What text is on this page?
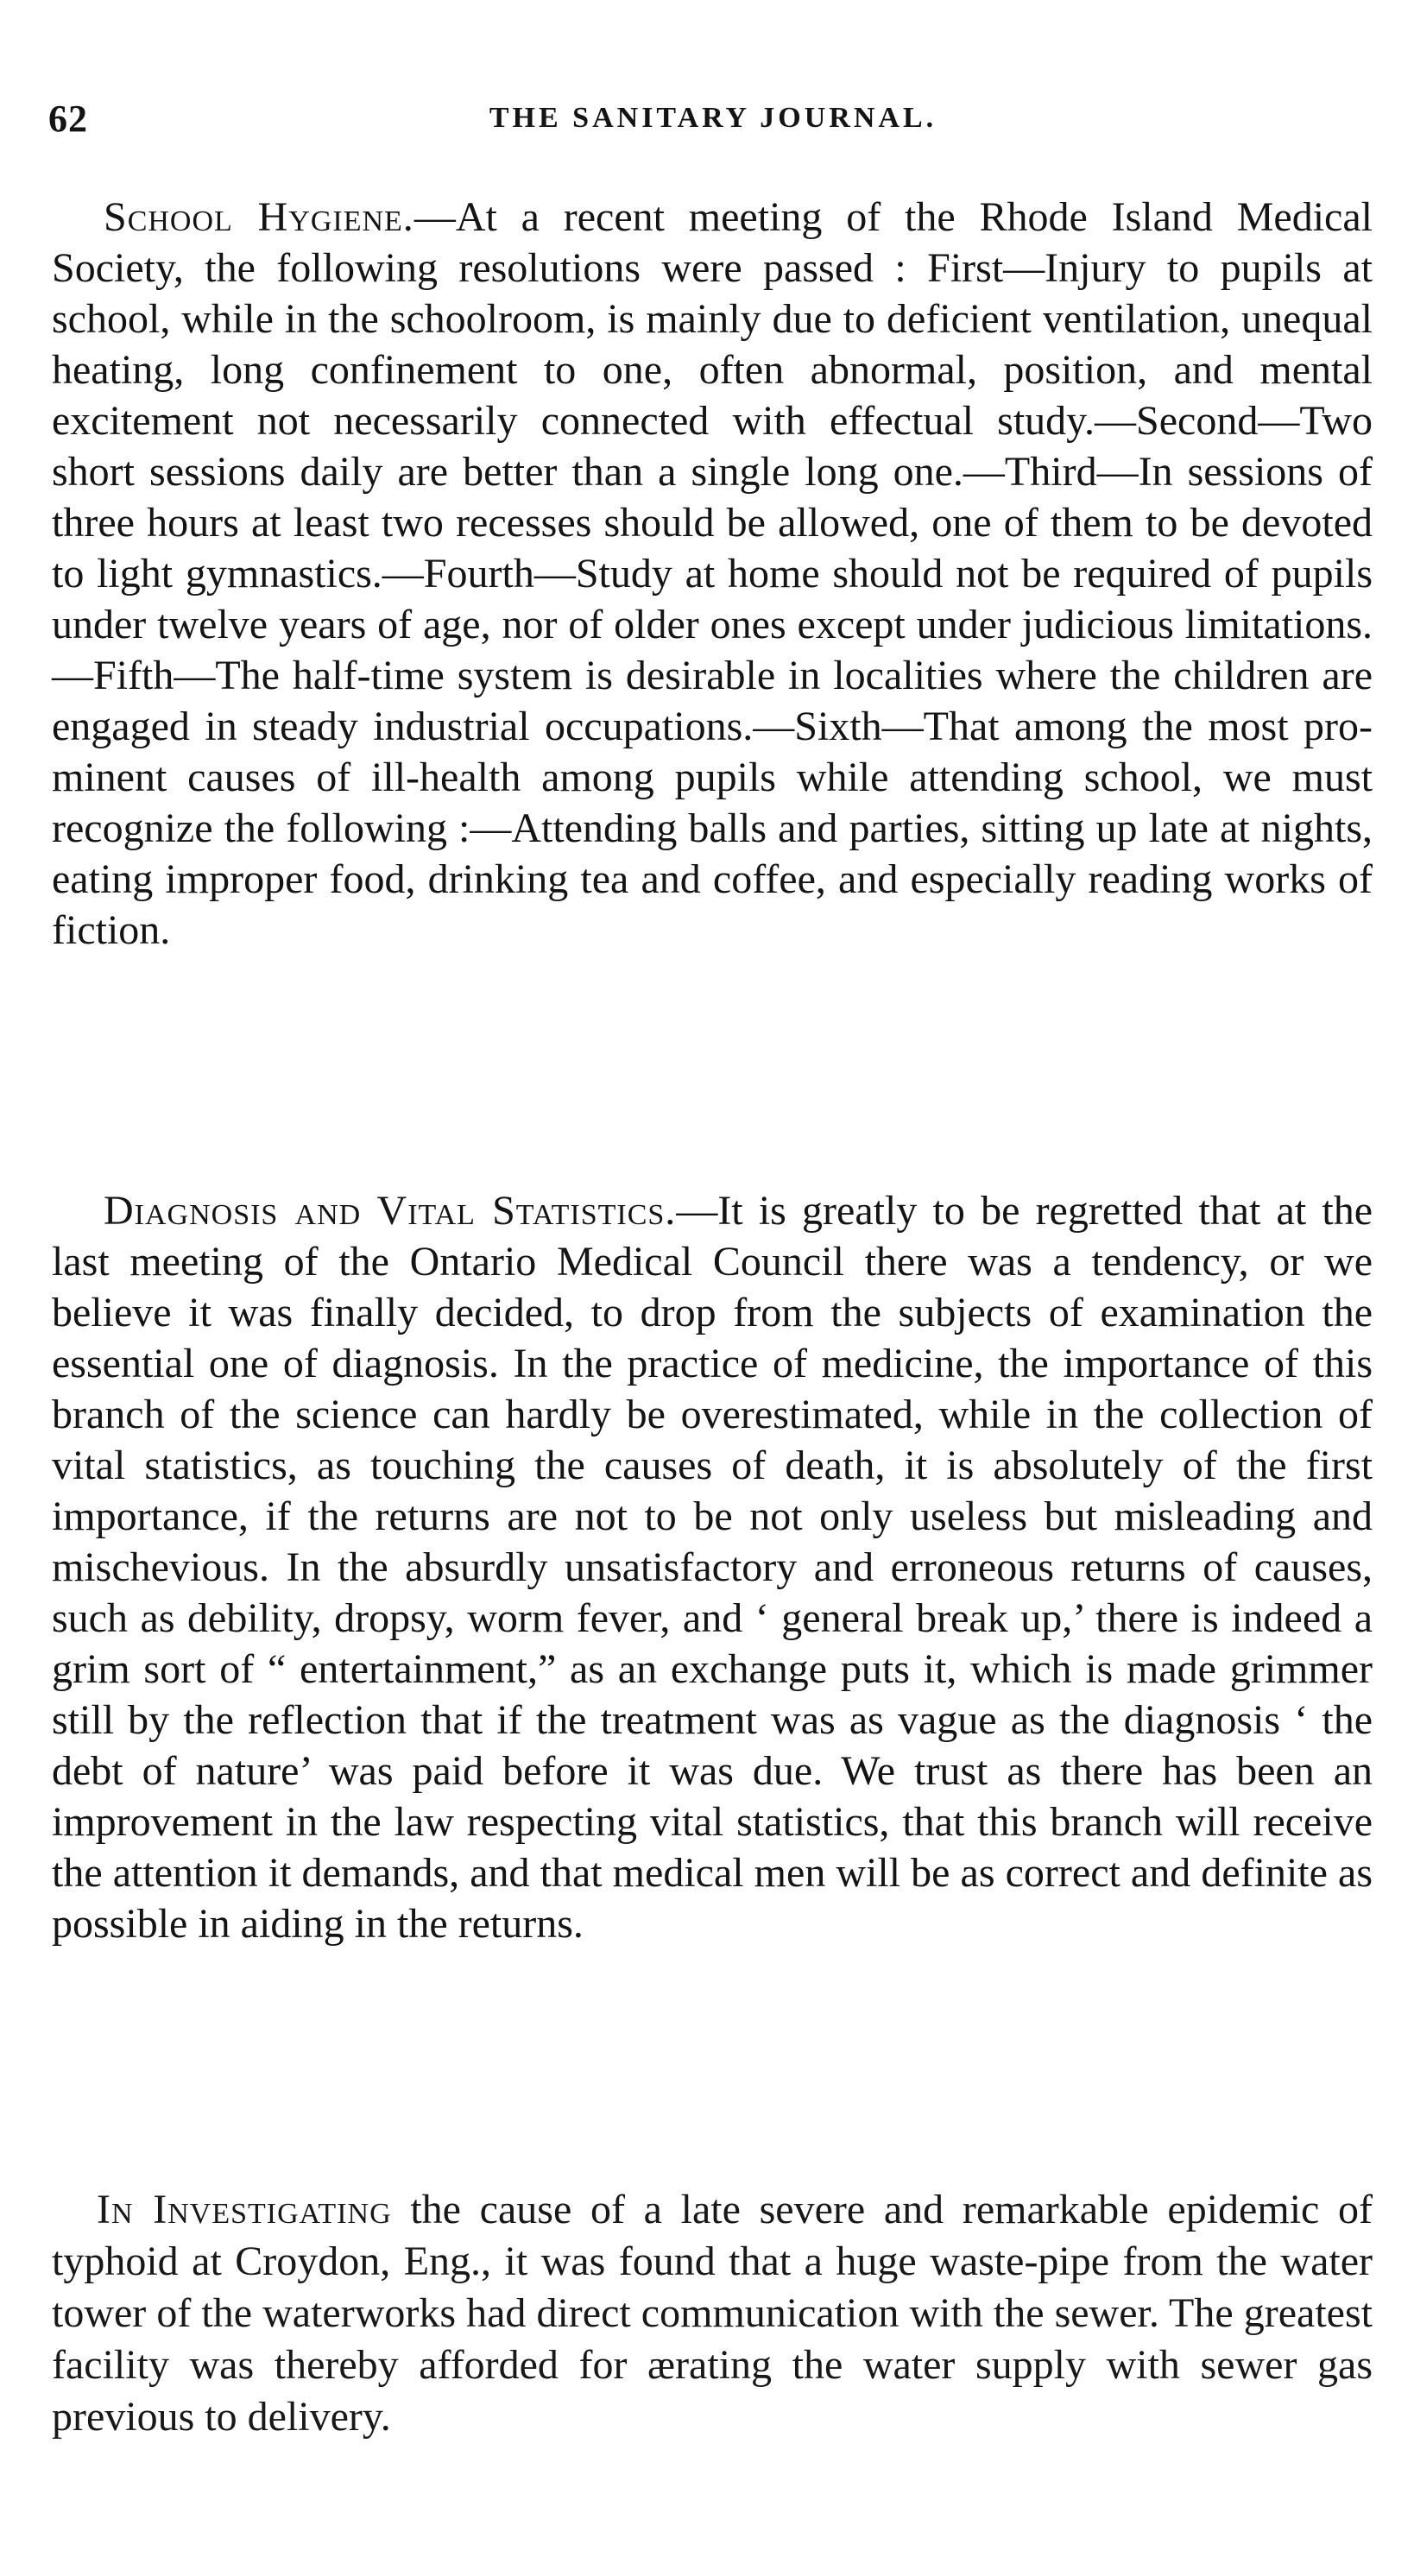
62	THE SANITARY JOURNAL.

School Hygiene.—At a recent meeting of the Rhode Island Medical Society, the following resolutions were passed : First—Injury to pupils at school, while in the schoolroom, is mainly due to deficient ventilation, unequal heating, long confinement to one, often abnormal, position, and mental excitement not necessarily connected with effectual study.—Second—Two short sessions daily are better than a single long one.—Third—In sessions of three hours at least two recesses should be allowed, one of them to be devoted to light gymnastics.—Fourth—Study at home should not be required of pupils under twelve years of age, nor of older ones except under judicious limitations.—Fifth—The half-time system is desirable in localities where the children are engaged in steady industrial occupations.—Sixth—That among the most prominent causes of ill-health among pupils while attending school, we must recognize the following :—Attending balls and parties, sitting up late at nights, eating improper food, drinking tea and coffee, and especially reading works of fiction.

Diagnosis and Vital Statistics.—It is greatly to be regretted that at the last meeting of the Ontario Medical Council there was a tendency, or we believe it was finally decided, to drop from the subjects of examination the essential one of diagnosis. In the practice of medicine, the importance of this branch of the science can hardly be overestimated, while in the collection of vital statistics, as touching the causes of death, it is absolutely of the first importance, if the returns are not to be not only useless but misleading and mischevious. In the absurdly unsatisfactory and erroneous returns of causes, such as debility, dropsy, worm fever, and ‘ general break up,’ there is indeed a grim sort of “ entertainment,” as an exchange puts it, which is made grimmer still by the reflection that if the treatment was as vague as the diagnosis ‘ the debt of nature’ was paid before it was due. We trust as there has been an improvement in the law respecting vital statistics, that this branch will receive the attention it demands, and that medical men will be as correct and definite as possible in aiding in the returns.

In Investigating the cause of a late severe and remarkable epidemic of typhoid at Croydon, Eng., it was found that a huge waste-pipe from the water tower of the waterworks had direct communication with the sewer. The greatest facility was thereby afforded for ærating the water supply with sewer gas previous to delivery.
